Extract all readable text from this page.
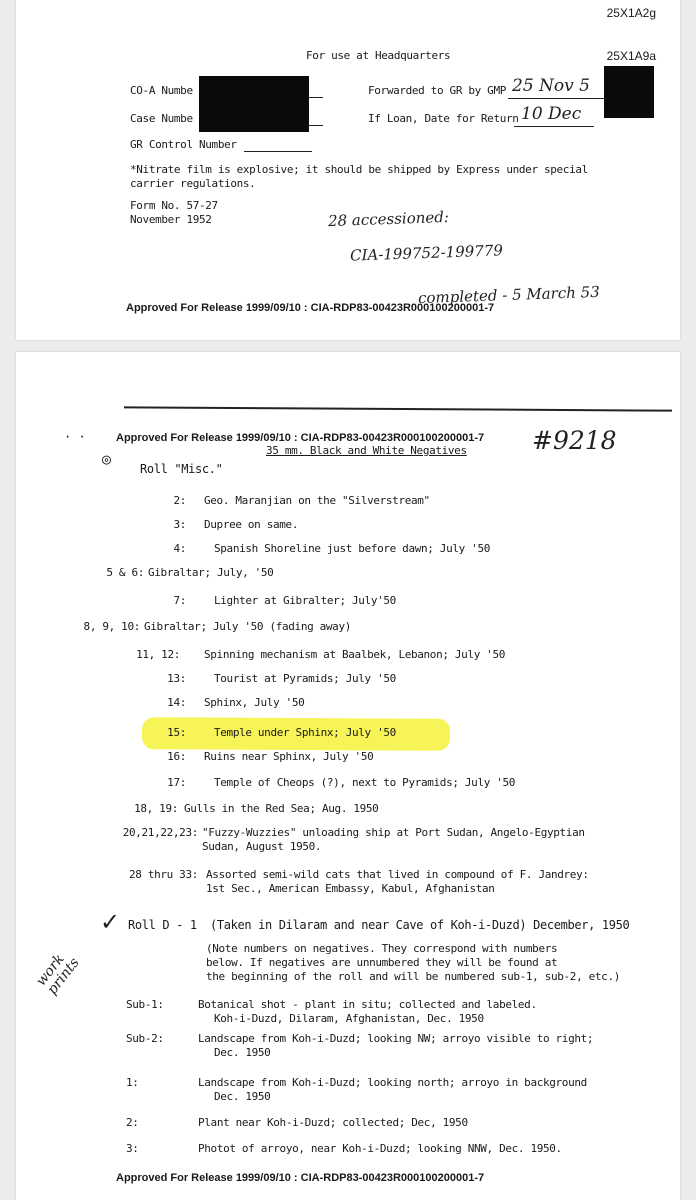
25X1A2g
25X1A9a
For use at Headquarters
CO-A Numbe
Case Numbe
GR Control Number
Forwarded to GR by GMP 25 Nov 5
If Loan, Date for Return 10 Dec
*Nitrate film is explosive; it should be shipped by Express under special
carrier regulations.
Form No. 57-27
November 1952	28 accessioned:
CIA-199752-199779
completed - 5 March 53
Approved For Release 1999/09/10 : CIA-RDP83-00423R000100200001-7
· ·
◎
Approved For Release 1999/09/10 : CIA-RDP83-00423R000100200001-7
35 mm. Black and White Negatives	#9218
Roll "Misc."
2: Geo. Maranjian on the "Silverstream"
3: Dupree on same.
4:	Spanish Shoreline just before dawn; July '50
5 & 6: Gibraltar; July, '50
7:	Lighter at Gibralter; July'50
8, 9, 10: Gibraltar; July '50 (fading away)
11, 12: Spinning mechanism at Baalbek, Lebanon; July '50
13:	Tourist at Pyramids; July '50
14: Sphinx, July '50
15:	Temple under Sphinx; July '50
16: Ruins near Sphinx, July '50
17:	Temple of Cheops (?), next to Pyramids; July '50
18, 19: Gulls in the Red Sea; Aug. 1950
20,21,22,23: "Fuzzy-Wuzzies" unloading ship at Port Sudan, Angelo-Egyptian
Sudan, August 1950.
28 thru 33: Assorted semi-wild cats that lived in compound of F. Jandrey:
1st Sec., American Embassy, Kabul, Afghanistan
✓ Roll D - 1 (Taken in Dilaram and near Cave of Koh-i-Duzd) December, 1950
(Note numbers on negatives. They correspond with numbers
below. If negatives are unnumbered they will be found at
the beginning of the roll and will be numbered sub-1, sub-2, etc.)
work prints
Sub-1:	Botanical shot - plant in situ; collected and labeled.
Koh-i-Duzd, Dilaram, Afghanistan, Dec. 1950
Sub-2:	Landscape from Koh-i-Duzd; looking NW; arroyo visible to right;
Dec. 1950
1:	Landscape from Koh-i-Duzd; looking north; arroyo in background
Dec. 1950
2:	Plant near Koh-i-Duzd; collected; Dec, 1950
3:	Photot of arroyo, near Koh-i-Duzd; looking NNW, Dec. 1950.
Approved For Release 1999/09/10 : CIA-RDP83-00423R000100200001-7
